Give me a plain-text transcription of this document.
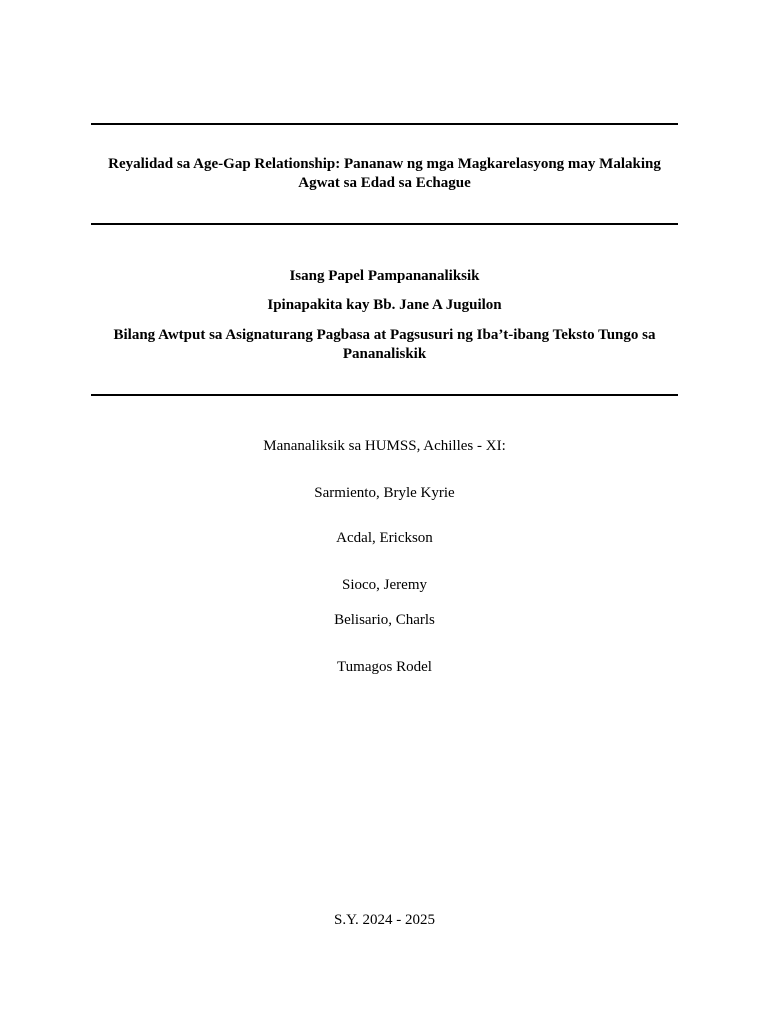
Reyalidad sa Age-Gap Relationship: Pananaw ng mga Magkarelasyong may Malaking Agwat sa Edad sa Echague
Isang Papel Pampananaliksik
Ipinapakita kay Bb. Jane A Juguilon
Bilang Awtput sa Asignaturang Pagbasa at Pagsusuri ng Iba’t-ibang Teksto Tungo sa Pananaliskik
Mananaliksik sa HUMSS, Achilles - XI:
Sarmiento, Bryle Kyrie
Acdal, Erickson
Sioco, Jeremy
Belisario, Charls
Tumagos Rodel
S.Y. 2024 - 2025
